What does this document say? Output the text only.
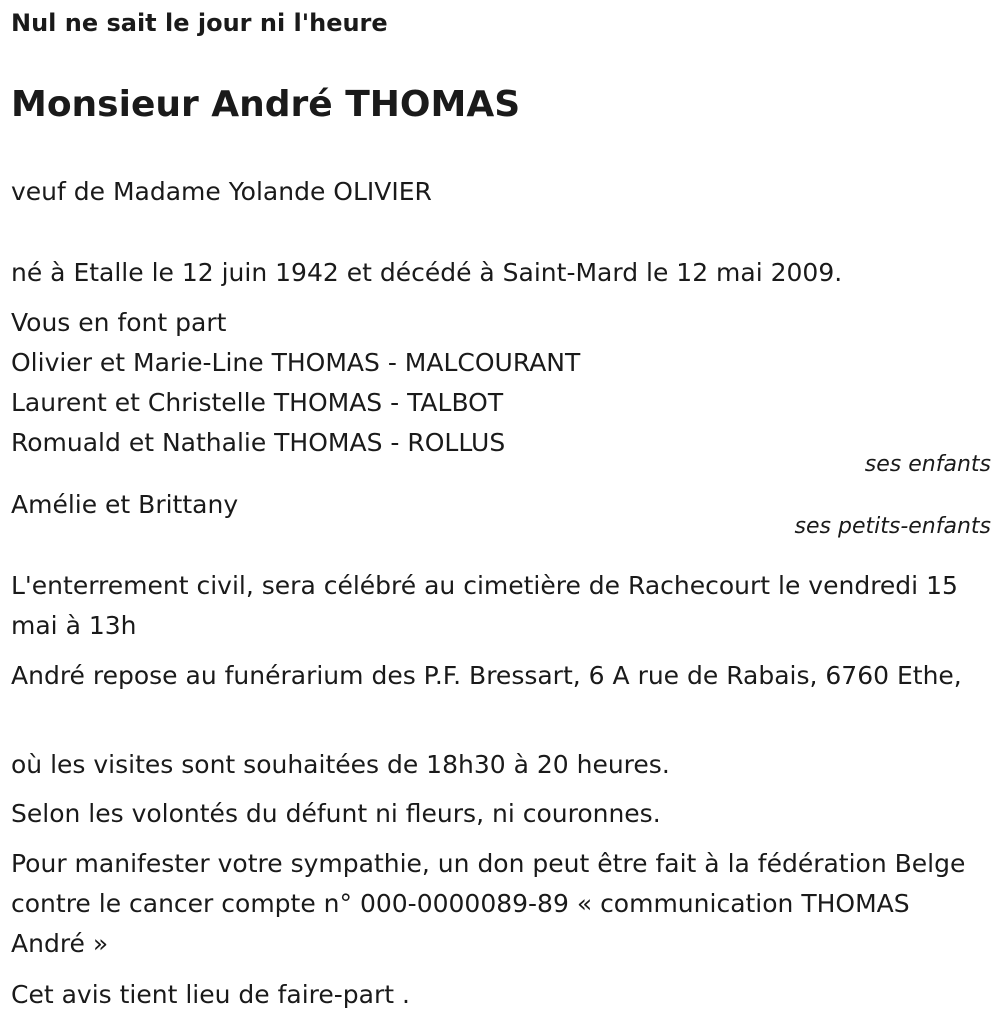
Nul ne sait le jour ni l'heure
Monsieur André THOMAS
veuf de Madame Yolande OLIVIER
né à Etalle le 12 juin 1942 et décédé à Saint-Mard le 12 mai 2009.
Vous en font part
Olivier et Marie-Line THOMAS - MALCOURANT
Laurent et Christelle THOMAS - TALBOT
Romuald et Nathalie THOMAS - ROLLUS
ses enfants
Amélie et Brittany
ses petits-enfants
L'enterrement civil, sera célébré au cimetière de Rachecourt le vendredi 15 mai à 13h
André repose au funérarium des P.F. Bressart, 6 A rue de Rabais, 6760 Ethe,
où les visites sont souhaitées de 18h30 à 20 heures.
Selon les volontés du défunt ni fleurs, ni couronnes.
Pour manifester votre sympathie, un don peut être fait à la fédération Belge contre le cancer compte n° 000-0000089-89 « communication THOMAS André »
Cet avis tient lieu de faire-part .
